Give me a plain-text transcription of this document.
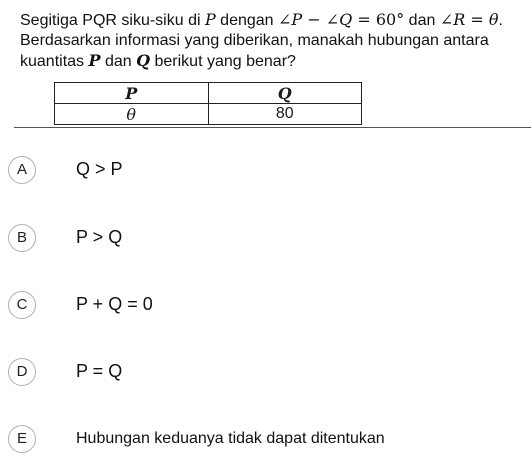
Segitiga PQR siku-siku di P dengan ∠P − ∠Q = 60° dan ∠R = θ.

Berdasarkan informasi yang diberikan, manakah hubungan antara

kuantitas P dan Q berikut yang benar?

P	Q
θ	80
A	Q > P
B	P > Q
C	P + Q = 0
D	P = Q
E	Hubungan keduanya tidak dapat ditentukan
